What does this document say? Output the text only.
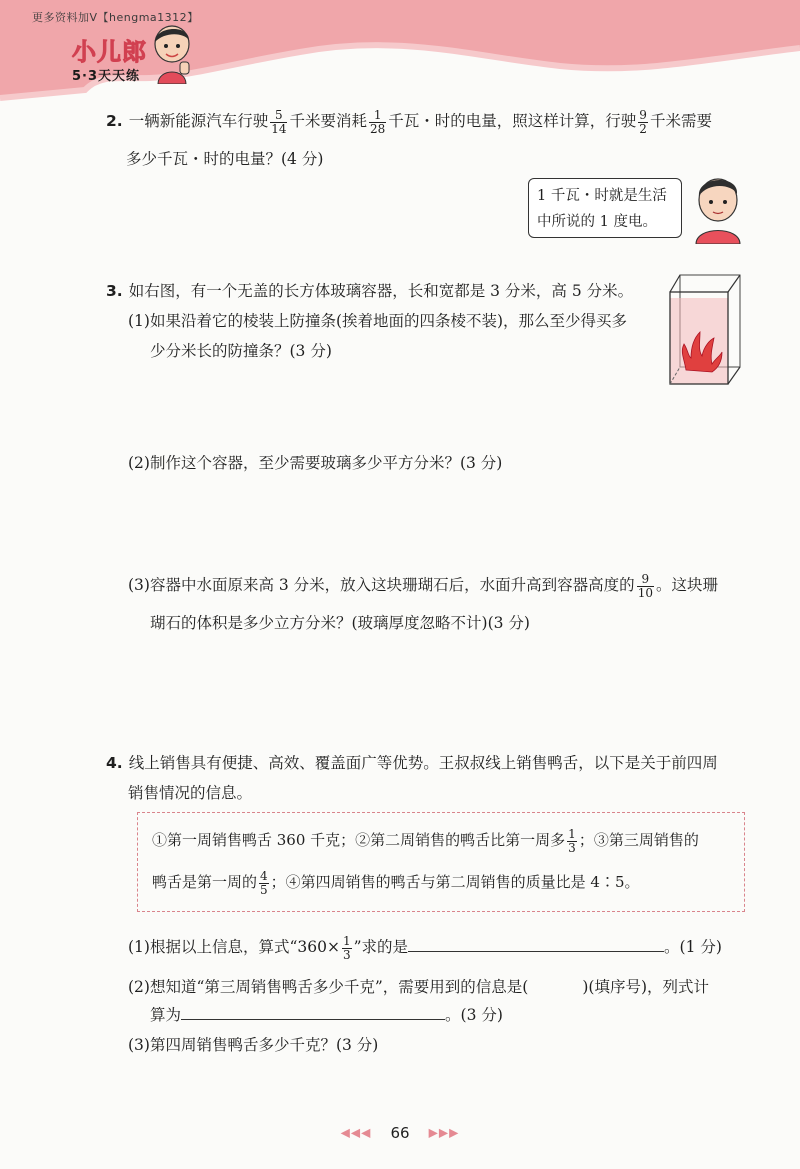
更多资料加V【hengma1312】
小儿郎
5·3天天练
2. 一辆新能源汽车行驶 $\frac{5}{14}$ 千米要消耗 $\frac{1}{28}$ 千瓦・时的电量，照这样计算，行驶 $\frac{9}{2}$ 千米需要
多少千瓦・时的电量？(4 分)
1 千瓦・时就是生活
中所说的 1 度电。
3. 如右图，有一个无盖的长方体玻璃容器，长和宽都是 3 分米，高 5 分米。
(1)如果沿着它的棱装上防撞条(挨着地面的四条棱不装)，那么至少得买多
少分米长的防撞条？(3 分)
(2)制作这个容器，至少需要玻璃多少平方分米？(3 分)
(3)容器中水面原来高 3 分米，放入这块珊瑚石后，水面升高到容器高度的 $\frac{9}{10}$ 。这块珊
瑚石的体积是多少立方分米？(玻璃厚度忽略不计)(3 分)
4. 线上销售具有便捷、高效、覆盖面广等优势。王叔叔线上销售鸭舌，以下是关于前四周
销售情况的信息。
①第一周销售鸭舌 360 千克；②第二周销售的鸭舌比第一周多 $\frac{1}{3}$ ；③第三周销售的
鸭舌是第一周的 $\frac{4}{5}$ ；④第四周销售的鸭舌与第二周销售的质量比是 4∶5。
(1)根据以上信息，算式“$360\times \frac{1}{3}$ ”求的是	。(1 分)
(2)想知道“第三周销售鸭舌多少千克”，需要用到的信息是(	)(填序号)，列式计
算为	。(3 分)
(3)第四周销售鸭舌多少千克？(3 分)
◀◀◀ 66 ▶▶▶
